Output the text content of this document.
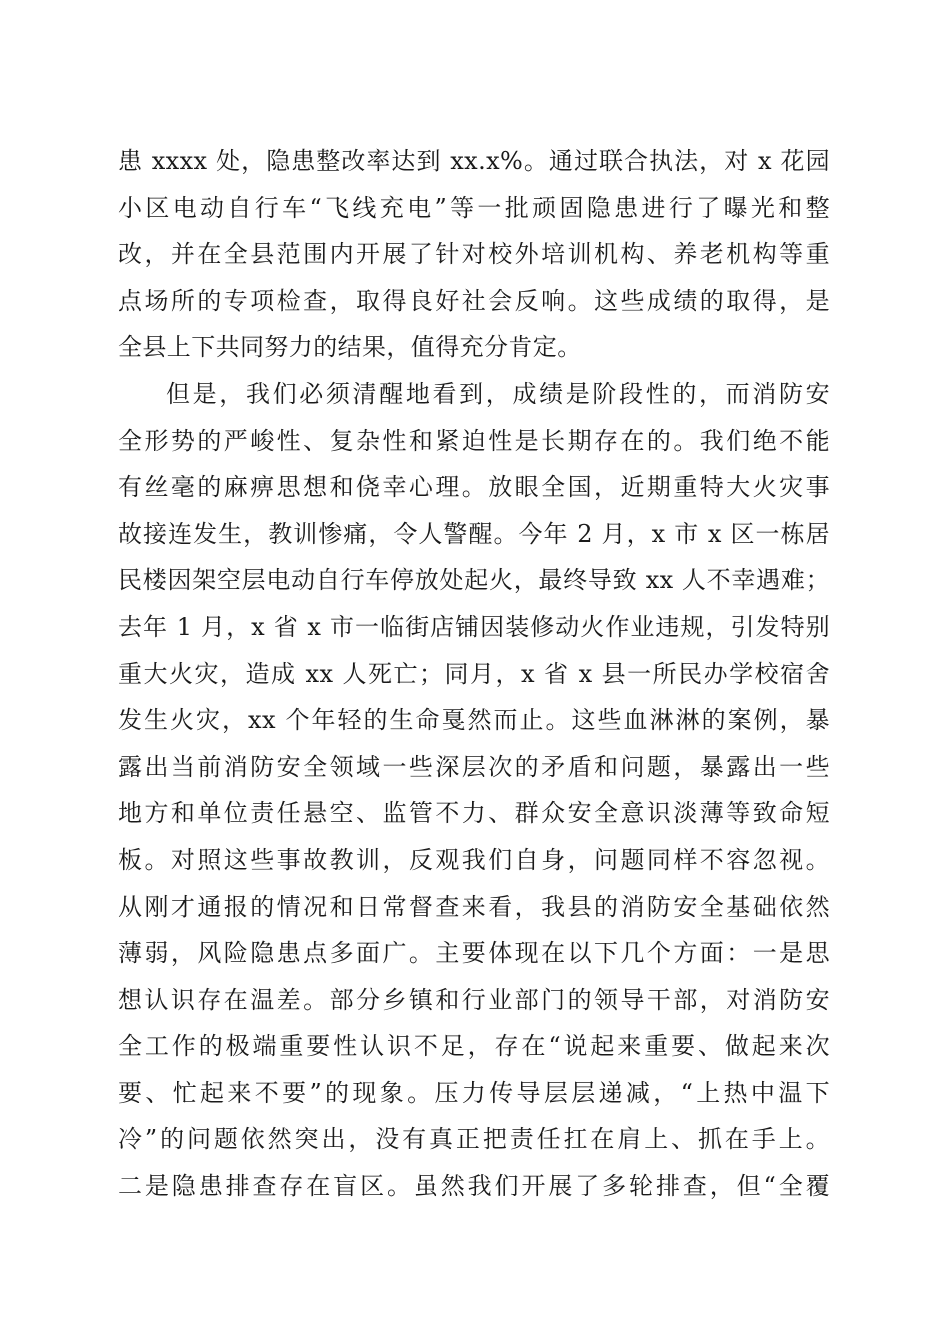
患 xxxx 处，隐患整改率达到 xx.x%。通过联合执法，对 x 花园
小区电动自行车“飞线充电”等一批顽固隐患进行了曝光和整
改，并在全县范围内开展了针对校外培训机构、养老机构等重
点场所的专项检查，取得良好社会反响。这些成绩的取得，是
全县上下共同努力的结果，值得充分肯定。
但是，我们必须清醒地看到，成绩是阶段性的，而消防安
全形势的严峻性、复杂性和紧迫性是长期存在的。我们绝不能
有丝毫的麻痹思想和侥幸心理。放眼全国，近期重特大火灾事
故接连发生，教训惨痛，令人警醒。今年 2 月，x 市 x 区一栋居
民楼因架空层电动自行车停放处起火，最终导致 xx 人不幸遇难；
去年 1 月，x 省 x 市一临街店铺因装修动火作业违规，引发特别
重大火灾，造成 xx 人死亡；同月，x 省 x 县一所民办学校宿舍
发生火灾，xx 个年轻的生命戛然而止。这些血淋淋的案例，暴
露出当前消防安全领域一些深层次的矛盾和问题，暴露出一些
地方和单位责任悬空、监管不力、群众安全意识淡薄等致命短
板。对照这些事故教训，反观我们自身，问题同样不容忽视。
从刚才通报的情况和日常督查来看，我县的消防安全基础依然
薄弱，风险隐患点多面广。主要体现在以下几个方面：一是思
想认识存在温差。部分乡镇和行业部门的领导干部，对消防安
全工作的极端重要性认识不足，存在“说起来重要、做起来次
要、忙起来不要”的现象。压力传导层层递减，“上热中温下
冷”的问题依然突出，没有真正把责任扛在肩上、抓在手上。
二是隐患排查存在盲区。虽然我们开展了多轮排查，但“全覆
